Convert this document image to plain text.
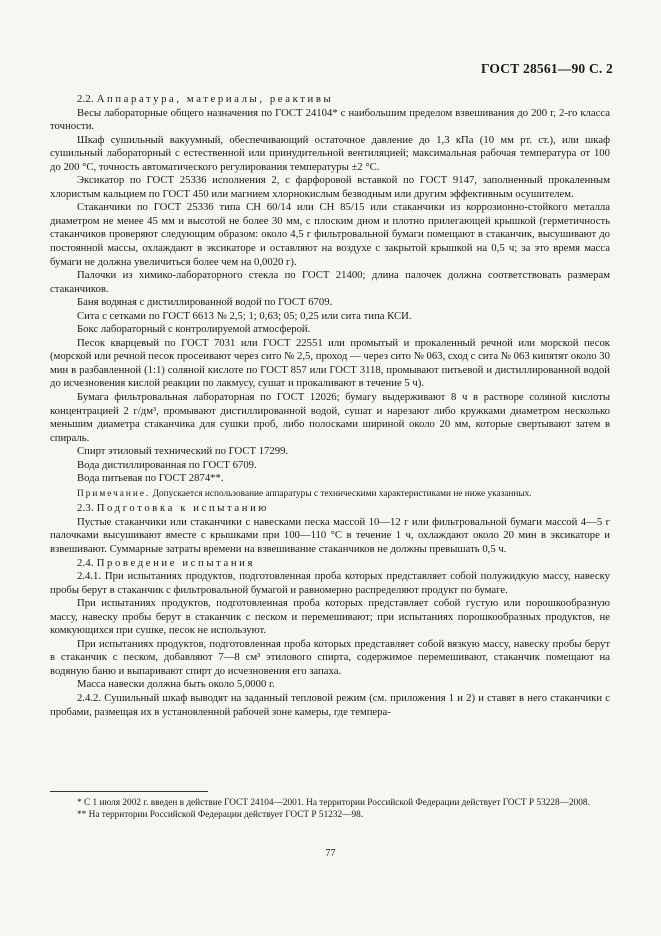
ГОСТ 28561—90 С. 2

2.2. Аппаратура, материалы, реактивы

Весы лабораторные общего назначения по ГОСТ 24104* с наибольшим пределом взвешивания до 200 г, 2-го класса точности.

Шкаф сушильный вакуумный, обеспечивающий остаточное давление до 1,3 кПа (10 мм рт. ст.), или шкаф сушильный лабораторный с естественной или принудительной вентиляцией; максимальная рабочая температура от 100 до 200 °С, точность автоматического регулирования температуры ±2 °С.

Эксикатор по ГОСТ 25336 исполнения 2, с фарфоровой вставкой по ГОСТ 9147, заполненный прокаленным хлористым кальцием по ГОСТ 450 или магнием хлорнокислым безводным или другим эффективным осушителем.

Стаканчики по ГОСТ 25336 типа СН 60/14 или СН 85/15 или стаканчики из коррозионно-стойкого металла диаметром не менее 45 мм и высотой не более 30 мм, с плоским дном и плотно прилегающей крышкой (герметичность стаканчиков проверяют следующим образом: около 4,5 г фильтровальной бумаги помещают в стаканчик, высушивают до постоянной массы, охлаждают в эксикаторе и оставляют на воздухе с закрытой крышкой на 0,5 ч; за это время масса бумаги не должна увеличиться более чем на 0,0020 г).

Палочки из химико-лабораторного стекла по ГОСТ 21400; длина палочек должна соответствовать размерам стаканчиков.

Баня водяная с дистиллированной водой по ГОСТ 6709.

Сита с сетками по ГОСТ 6613 № 2,5; 1; 0,63; 05; 0,25 или сита типа КСИ.

Бокс лабораторный с контролируемой атмосферой.

Песок кварцевый по ГОСТ 7031 или ГОСТ 22551 или промытый и прокаленный речной или морской песок (морской или речной песок просеивают через сито № 2,5, проход — через сито № 063, сход с сита № 063 кипятят около 30 мин в разбавленной (1:1) соляной кислоте по ГОСТ 857 или ГОСТ 3118, промывают питьевой и дистиллированной водой до исчезновения кислой реакции по лакмусу, сушат и прокаливают в течение 5 ч).

Бумага фильтровальная лабораторная по ГОСТ 12026; бумагу выдерживают 8 ч в растворе соляной кислоты концентрацией 2 г/дм³, промывают дистиллированной водой, сушат и нарезают либо кружками диаметром несколько меньшим диаметра стаканчика для сушки проб, либо полосками шириной около 20 мм, которые свертывают затем в спираль.

Спирт этиловый технический по ГОСТ 17299.

Вода дистиллированная по ГОСТ 6709.

Вода питьевая по ГОСТ 2874**.

Примечание. Допускается использование аппаратуры с техническими характеристиками не ниже указанных.

2.3. Подготовка к испытанию

Пустые стаканчики или стаканчики с навесками песка массой 10—12 г или фильтровальной бумаги массой 4—5 г палочками высушивают вместе с крышками при 100—110 °С в течение 1 ч, охлаждают около 20 мин в эксикаторе и взвешивают. Суммарные затраты времени на взвешивание стаканчиков не должны превышать 0,5 ч.

2.4. Проведение испытания

2.4.1. При испытаниях продуктов, подготовленная проба которых представляет собой полужидкую массу, навеску пробы берут в стаканчик с фильтровальной бумагой и равномерно распределяют продукт по бумаге.

При испытаниях продуктов, подготовленная проба которых представляет собой густую или порошкообразную массу, навеску пробы берут в стаканчик с песком и перемешивают; при испытаниях порошкообразных продуктов, не комкующихся при сушке, песок не используют.

При испытаниях продуктов, подготовленная проба которых представляет собой вязкую массу, навеску пробы берут в стаканчик с песком, добавляют 7—8 см³ этилового спирта, содержимое перемешивают, стаканчик помещают на водяную баню и выпаривают спирт до исчезновения его запаха.

Масса навески должна быть около 5,0000 г.

2.4.2. Сушильный шкаф выводят на заданный тепловой режим (см. приложения 1 и 2) и ставят в него стаканчики с пробами, размещая их в установленной рабочей зоне камеры, где темпера-

* С 1 июля 2002 г. введен в действие ГОСТ 24104—2001. На территории Российской Федерации действует ГОСТ Р 53228—2008.

** На территории Российской Федерации действует ГОСТ Р 51232—98.

77
